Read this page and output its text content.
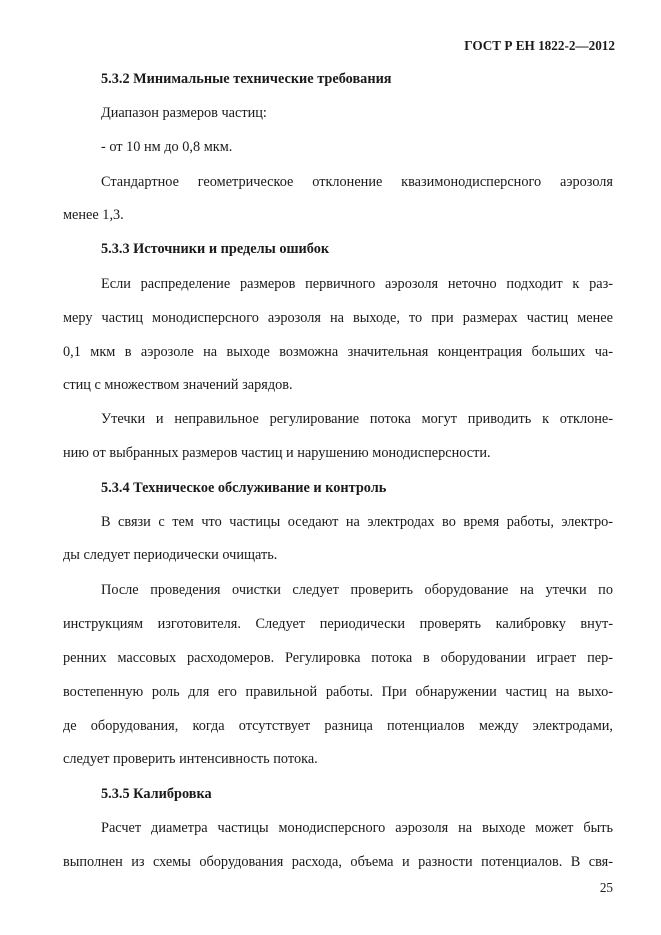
ГОСТ Р ЕН 1822-2—2012

5.3.2 Минимальные технические требования

Диапазон размеров частиц:

- от 10 нм до 0,8 мкм.

Стандартное геометрическое отклонение квазимонодисперсного аэрозоля

менее 1,3.

5.3.3 Источники и пределы ошибок

Если распределение размеров первичного аэрозоля неточно подходит к раз-

меру частиц монодисперсного аэрозоля на выходе, то при размерах частиц менее

0,1 мкм в аэрозоле на выходе возможна значительная концентрация больших ча-

стиц с множеством значений зарядов.

Утечки и неправильное регулирование потока могут приводить к отклоне-

нию от выбранных размеров частиц и нарушению монодисперсности.

5.3.4 Техническое обслуживание и контроль

В связи с тем что частицы оседают на электродах во время работы, электро-

ды следует периодически очищать.

После проведения очистки следует проверить оборудование на утечки по

инструкциям изготовителя. Следует периодически проверять калибровку внут-

ренних массовых расходомеров. Регулировка потока в оборудовании играет пер-

востепенную роль для его правильной работы. При обнаружении частиц на выхо-

де оборудования, когда отсутствует разница потенциалов между электродами,

следует проверить интенсивность потока.

5.3.5 Калибровка

Расчет диаметра частицы монодисперсного аэрозоля на выходе может быть

выполнен из схемы оборудования расхода, объема и разности потенциалов. В свя-

25
